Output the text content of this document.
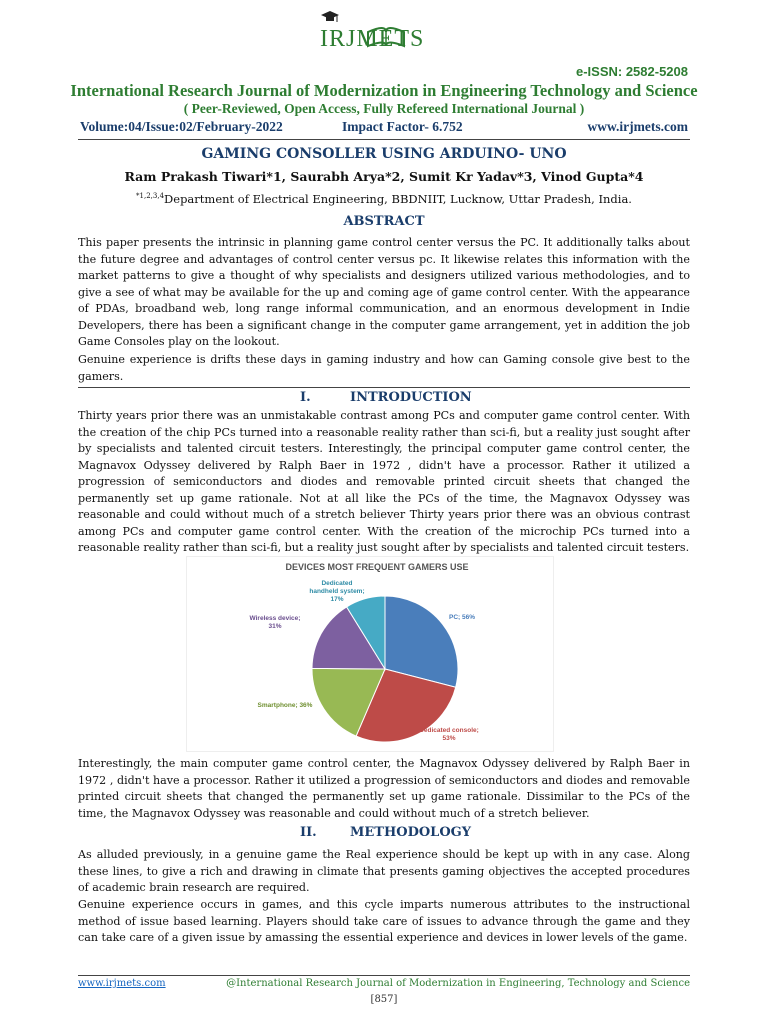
IRJMETS
e-ISSN: 2582-5208
International Research Journal of Modernization in Engineering Technology and Science
( Peer-Reviewed, Open Access, Fully Refereed International Journal )
Volume:04/Issue:02/February-2022	Impact Factor- 6.752	www.irjmets.com
GAMING CONSOLLER USING ARDUINO- UNO
Ram Prakash Tiwari*1, Saurabh Arya*2, Sumit Kr Yadav*3, Vinod Gupta*4
$^{*1,2,3,4}$Department of Electrical Engineering, BBDNIIT, Lucknow, Uttar Pradesh, India.
ABSTRACT

This paper presents the intrinsic in planning game control center versus the PC. It additionally talks about the future degree and advantages of control center versus pc. It likewise relates this information with the market patterns to give a thought of why specialists and designers utilized various methodologies, and to give a see of what may be available for the up and coming age of game control center. With the appearance of PDAs, broadband web, long range informal communication, and an enormous development in Indie Developers, there has been a significant change in the computer game arrangement, yet in addition the job Game Consoles play on the lookout.

Genuine experience is drifts these days in gaming industry and how can Gaming console give best to the gamers.

I.	INTRODUCTION

Thirty years prior there was an unmistakable contrast among PCs and computer game control center. With the creation of the chip PCs turned into a reasonable reality rather than sci-fi, but a reality just sought after by specialists and talented circuit testers. Interestingly, the principal computer game control center, the Magnavox Odyssey delivered by Ralph Baer in 1972 , didn't have a processor. Rather it utilized a progression of semiconductors and diodes and removable printed circuit sheets that changed the permanently set up game rationale. Not at all like the PCs of the time, the Magnavox Odyssey was reasonable and could without much of a stretch believer Thirty years prior there was an obvious contrast among PCs and computer game control center. With the creation of the microchip PCs turned into a reasonable reality rather than sci-fi, but a reality just sought after by specialists and talented circuit testers.

DEVICES MOST FREQUENT GAMERS USE
PC; 56%
Dedicated console; 53%
Smartphone; 36%
Wireless device; 31%
Dedicated handheld system; 17%

Interestingly, the main computer game control center, the Magnavox Odyssey delivered by Ralph Baer in 1972 , didn't have a processor. Rather it utilized a progression of semiconductors and diodes and removable printed circuit sheets that changed the permanently set up game rationale. Dissimilar to the PCs of the time, the Magnavox Odyssey was reasonable and could without much of a stretch believer.

II.	METHODOLOGY

As alluded previously, in a genuine game the Real experience should be kept up with in any case. Along these lines, to give a rich and drawing in climate that presents gaming objectives the accepted procedures of academic brain research are required.

Genuine experience occurs in games, and this cycle imparts numerous attributes to the instructional method of issue based learning. Players should take care of issues to advance through the game and they can take care of a given issue by amassing the essential experience and devices in lower levels of the game.

www.irjmets.com	@International Research Journal of Modernization in Engineering, Technology and Science
[857]
